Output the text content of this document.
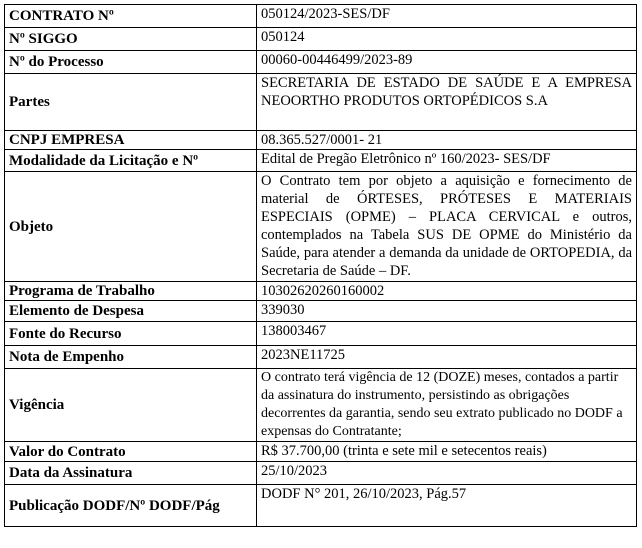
CONTRATO Nº	050124/2023-SES/DF
Nº SIGGO	050124
Nº do Processo	00060-00446499/2023-89
Partes	SECRETARIA DE ESTADO DE SAÚDE E A EMPRESA NEOORTHO PRODUTOS ORTOPÉDICOS S.A
CNPJ EMPRESA	08.365.527/0001- 21
Modalidade da Licitação e Nº	Edital de Pregão Eletrônico nº 160/2023- SES/DF
Objeto	O Contrato tem por objeto a aquisição e fornecimento de material de ÓRTESES, PRÓTESES E MATERIAIS ESPECIAIS (OPME) – PLACA CERVICAL e outros, contemplados na Tabela SUS DE OPME do Ministério da Saúde, para atender a demanda da unidade de ORTOPEDIA, da Secretaria de Saúde – DF.
Programa de Trabalho	10302620260160002
Elemento de Despesa	339030
Fonte do Recurso	138003467
Nota de Empenho	2023NE11725
Vigência	O contrato terá vigência de 12 (DOZE) meses, contados a partir da assinatura do instrumento, persistindo as obrigações decorrentes da garantia, sendo seu extrato publicado no DODF a expensas do Contratante;
Valor do Contrato	R$ 37.700,00 (trinta e sete mil e setecentos reais)
Data da Assinatura	25/10/2023
Publicação DODF/Nº DODF/Pág	DODF N° 201, 26/10/2023, Pág.57
